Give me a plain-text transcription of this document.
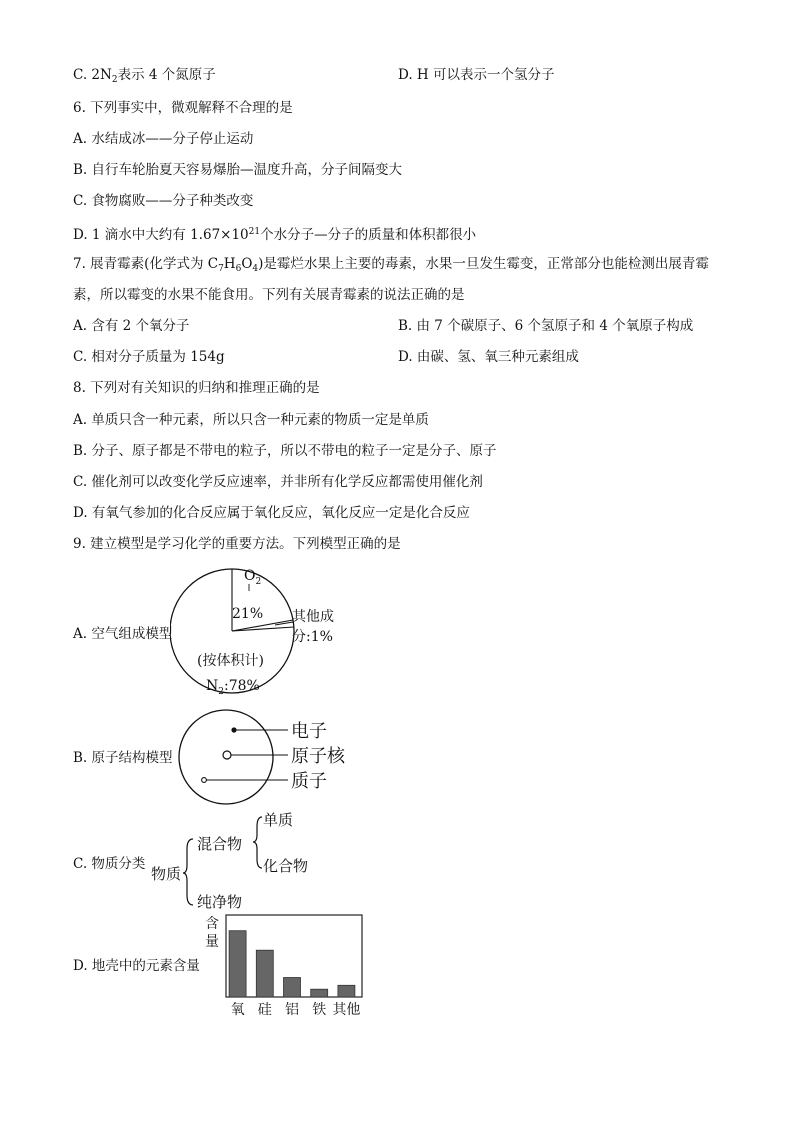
C. $2N_2$表示 4 个氮原子	D. H 可以表示一个氢分子
6. 下列事实中，微观解释不合理的是
A. 水结成冰——分子停止运动
B. 自行车轮胎夏天容易爆胎—温度升高，分子间隔变大
C. 食物腐败——分子种类改变
D. 1 滴水中大约有 $1.67\times 10^{21}$个水分子—分子的质量和体积都很小
7. 展青霉素(化学式为 $C_7H_6O_4$)是霉烂水果上主要的毒素，水果一旦发生霉变，正常部分也能检测出展青霉
素，所以霉变的水果不能食用。下列有关展青霉素的说法正确的是
A. 含有 2 个氧分子	B. 由 7 个碳原子、6 个氢原子和 4 个氧原子构成
C. 相对分子质量为 154g	D. 由碳、氢、氧三种元素组成
8. 下列对有关知识的归纳和推理正确的是
A. 单质只含一种元素，所以只含一种元素的物质一定是单质
B. 分子、原子都是不带电的粒子，所以不带电的粒子一定是分子、原子
C. 催化剂可以改变化学反应速率，并非所有化学反应都需使用催化剂
D. 有氧气参加的化合反应属于氧化反应，氧化反应一定是化合反应
9. 建立模型是学习化学的重要方法。下列模型正确的是
A. 空气组成模型
$O_2$
21% 其他成
分:1%
(按体积计)
$N_2:78\%$
B. 原子结构模型
电子
原子核
质子
C. 物质分类
物质
混合物
纯净物
单质
化合物
D. 地壳中的元素含量
含
量
氧 硅 铝 铁 其他
